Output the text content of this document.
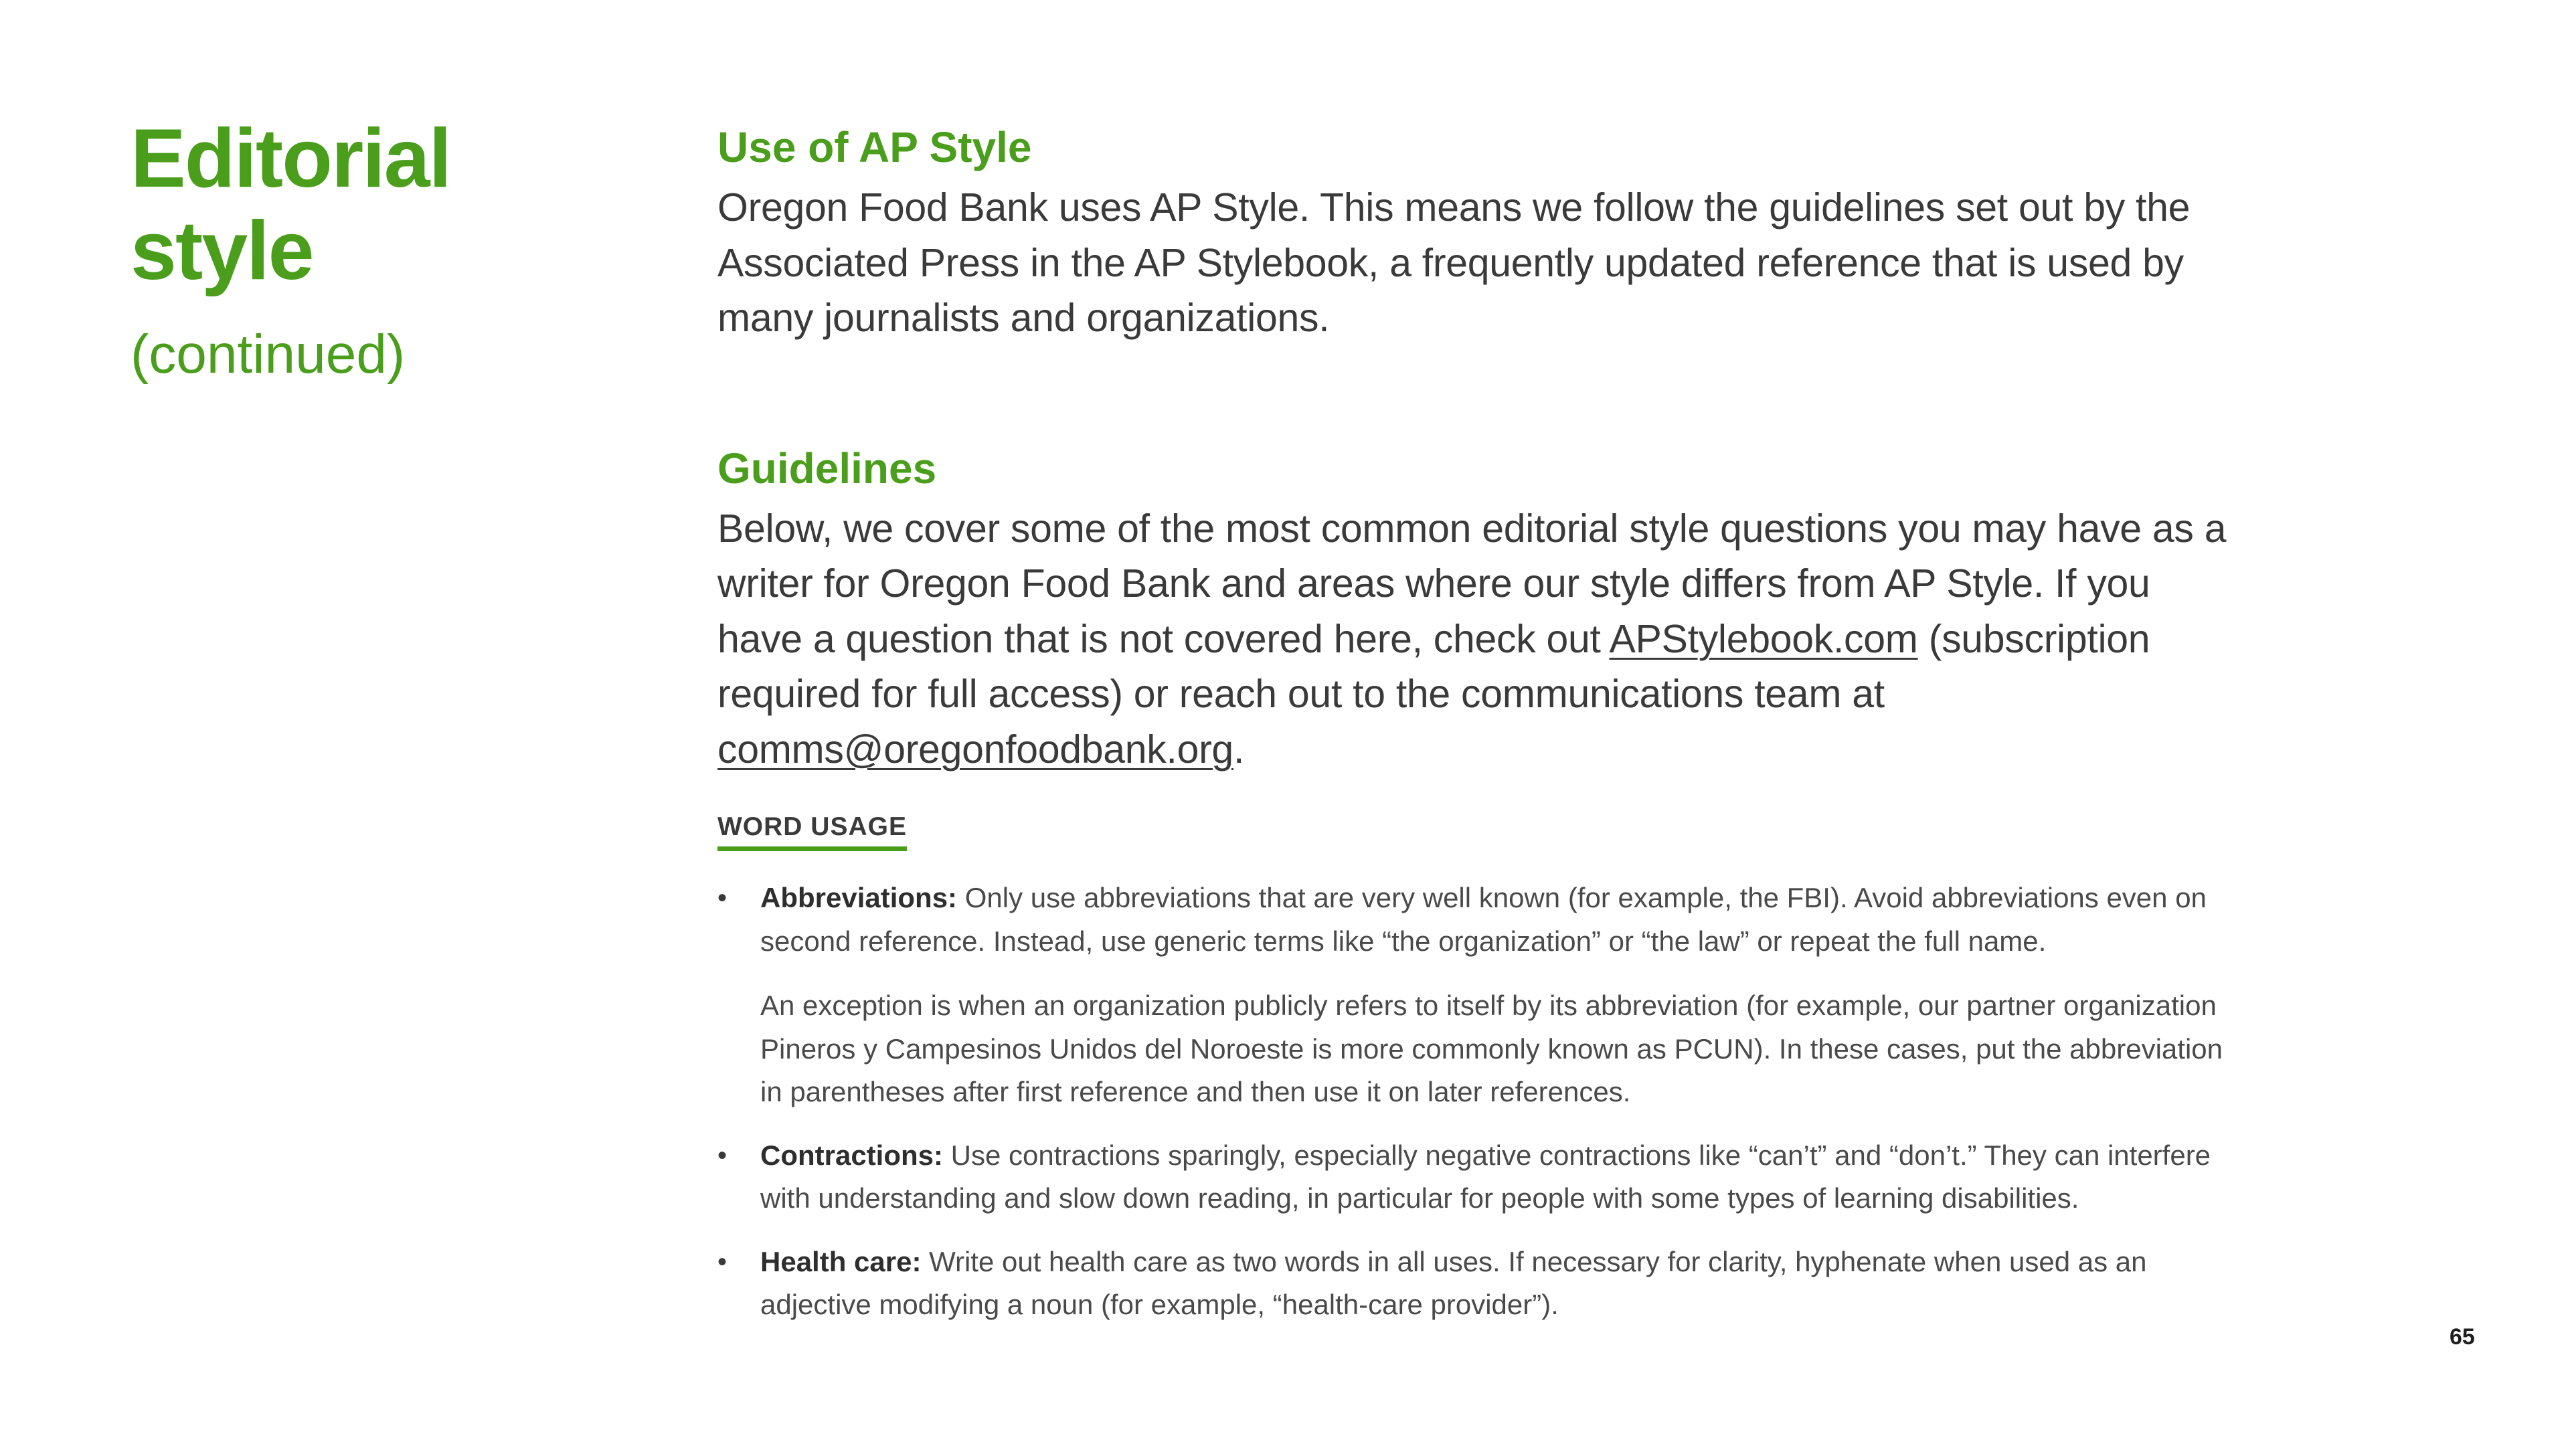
Editorial style

(continued)

Use of AP Style

Oregon Food Bank uses AP Style. This means we follow the guidelines set out by the Associated Press in the AP Stylebook, a frequently updated reference that is used by many journalists and organizations.

Guidelines

Below, we cover some of the most common editorial style questions you may have as a writer for Oregon Food Bank and areas where our style differs from AP Style. If you have a question that is not covered here, check out APStylebook.com (subscription required for full access) or reach out to the communications team at comms@oregonfoodbank.org.

WORD USAGE
• Abbreviations: Only use abbreviations that are very well known (for example, the FBI). Avoid abbreviations even on second reference. Instead, use generic terms like “the organization” or “the law” or repeat the full name.

An exception is when an organization publicly refers to itself by its abbreviation (for example, our partner organization Pineros y Campesinos Unidos del Noroeste is more commonly known as PCUN). In these cases, put the abbreviation in parentheses after first reference and then use it on later references.

• Contractions: Use contractions sparingly, especially negative contractions like “can’t” and “don’t.” They can interfere with understanding and slow down reading, in particular for people with some types of learning disabilities.

• Health care: Write out health care as two words in all uses. If necessary for clarity, hyphenate when used as an adjective modifying a noun (for example, “health-care provider”).

65
